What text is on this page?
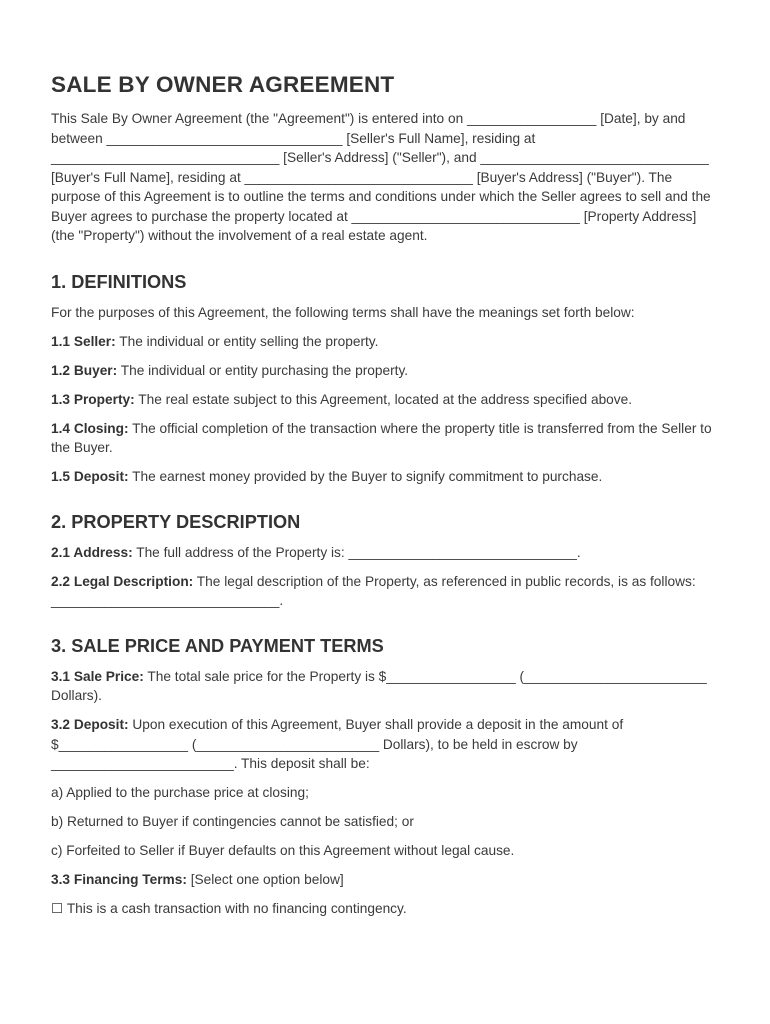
SALE BY OWNER AGREEMENT

This Sale By Owner Agreement (the "Agreement") is entered into on _________________ [Date], by and between _______________________________ [Seller's Full Name], residing at ______________________________ [Seller's Address] ("Seller"), and ______________________________ [Buyer's Full Name], residing at ______________________________ [Buyer's Address] ("Buyer"). The purpose of this Agreement is to outline the terms and conditions under which the Seller agrees to sell and the Buyer agrees to purchase the property located at ______________________________ [Property Address] (the "Property") without the involvement of a real estate agent.

1. DEFINITIONS

For the purposes of this Agreement, the following terms shall have the meanings set forth below:

1.1 Seller: The individual or entity selling the property.

1.2 Buyer: The individual or entity purchasing the property.

1.3 Property: The real estate subject to this Agreement, located at the address specified above.

1.4 Closing: The official completion of the transaction where the property title is transferred from the Seller to the Buyer.

1.5 Deposit: The earnest money provided by the Buyer to signify commitment to purchase.

2. PROPERTY DESCRIPTION

2.1 Address: The full address of the Property is: ______________________________.

2.2 Legal Description: The legal description of the Property, as referenced in public records, is as follows: ______________________________.

3. SALE PRICE AND PAYMENT TERMS

3.1 Sale Price: The total sale price for the Property is $_________________ (________________________ Dollars).

3.2 Deposit: Upon execution of this Agreement, Buyer shall provide a deposit in the amount of $_________________ (________________________ Dollars), to be held in escrow by ________________________. This deposit shall be:

a) Applied to the purchase price at closing;

b) Returned to Buyer if contingencies cannot be satisfied; or

c) Forfeited to Seller if Buyer defaults on this Agreement without legal cause.

3.3 Financing Terms: [Select one option below]

☐ This is a cash transaction with no financing contingency.
